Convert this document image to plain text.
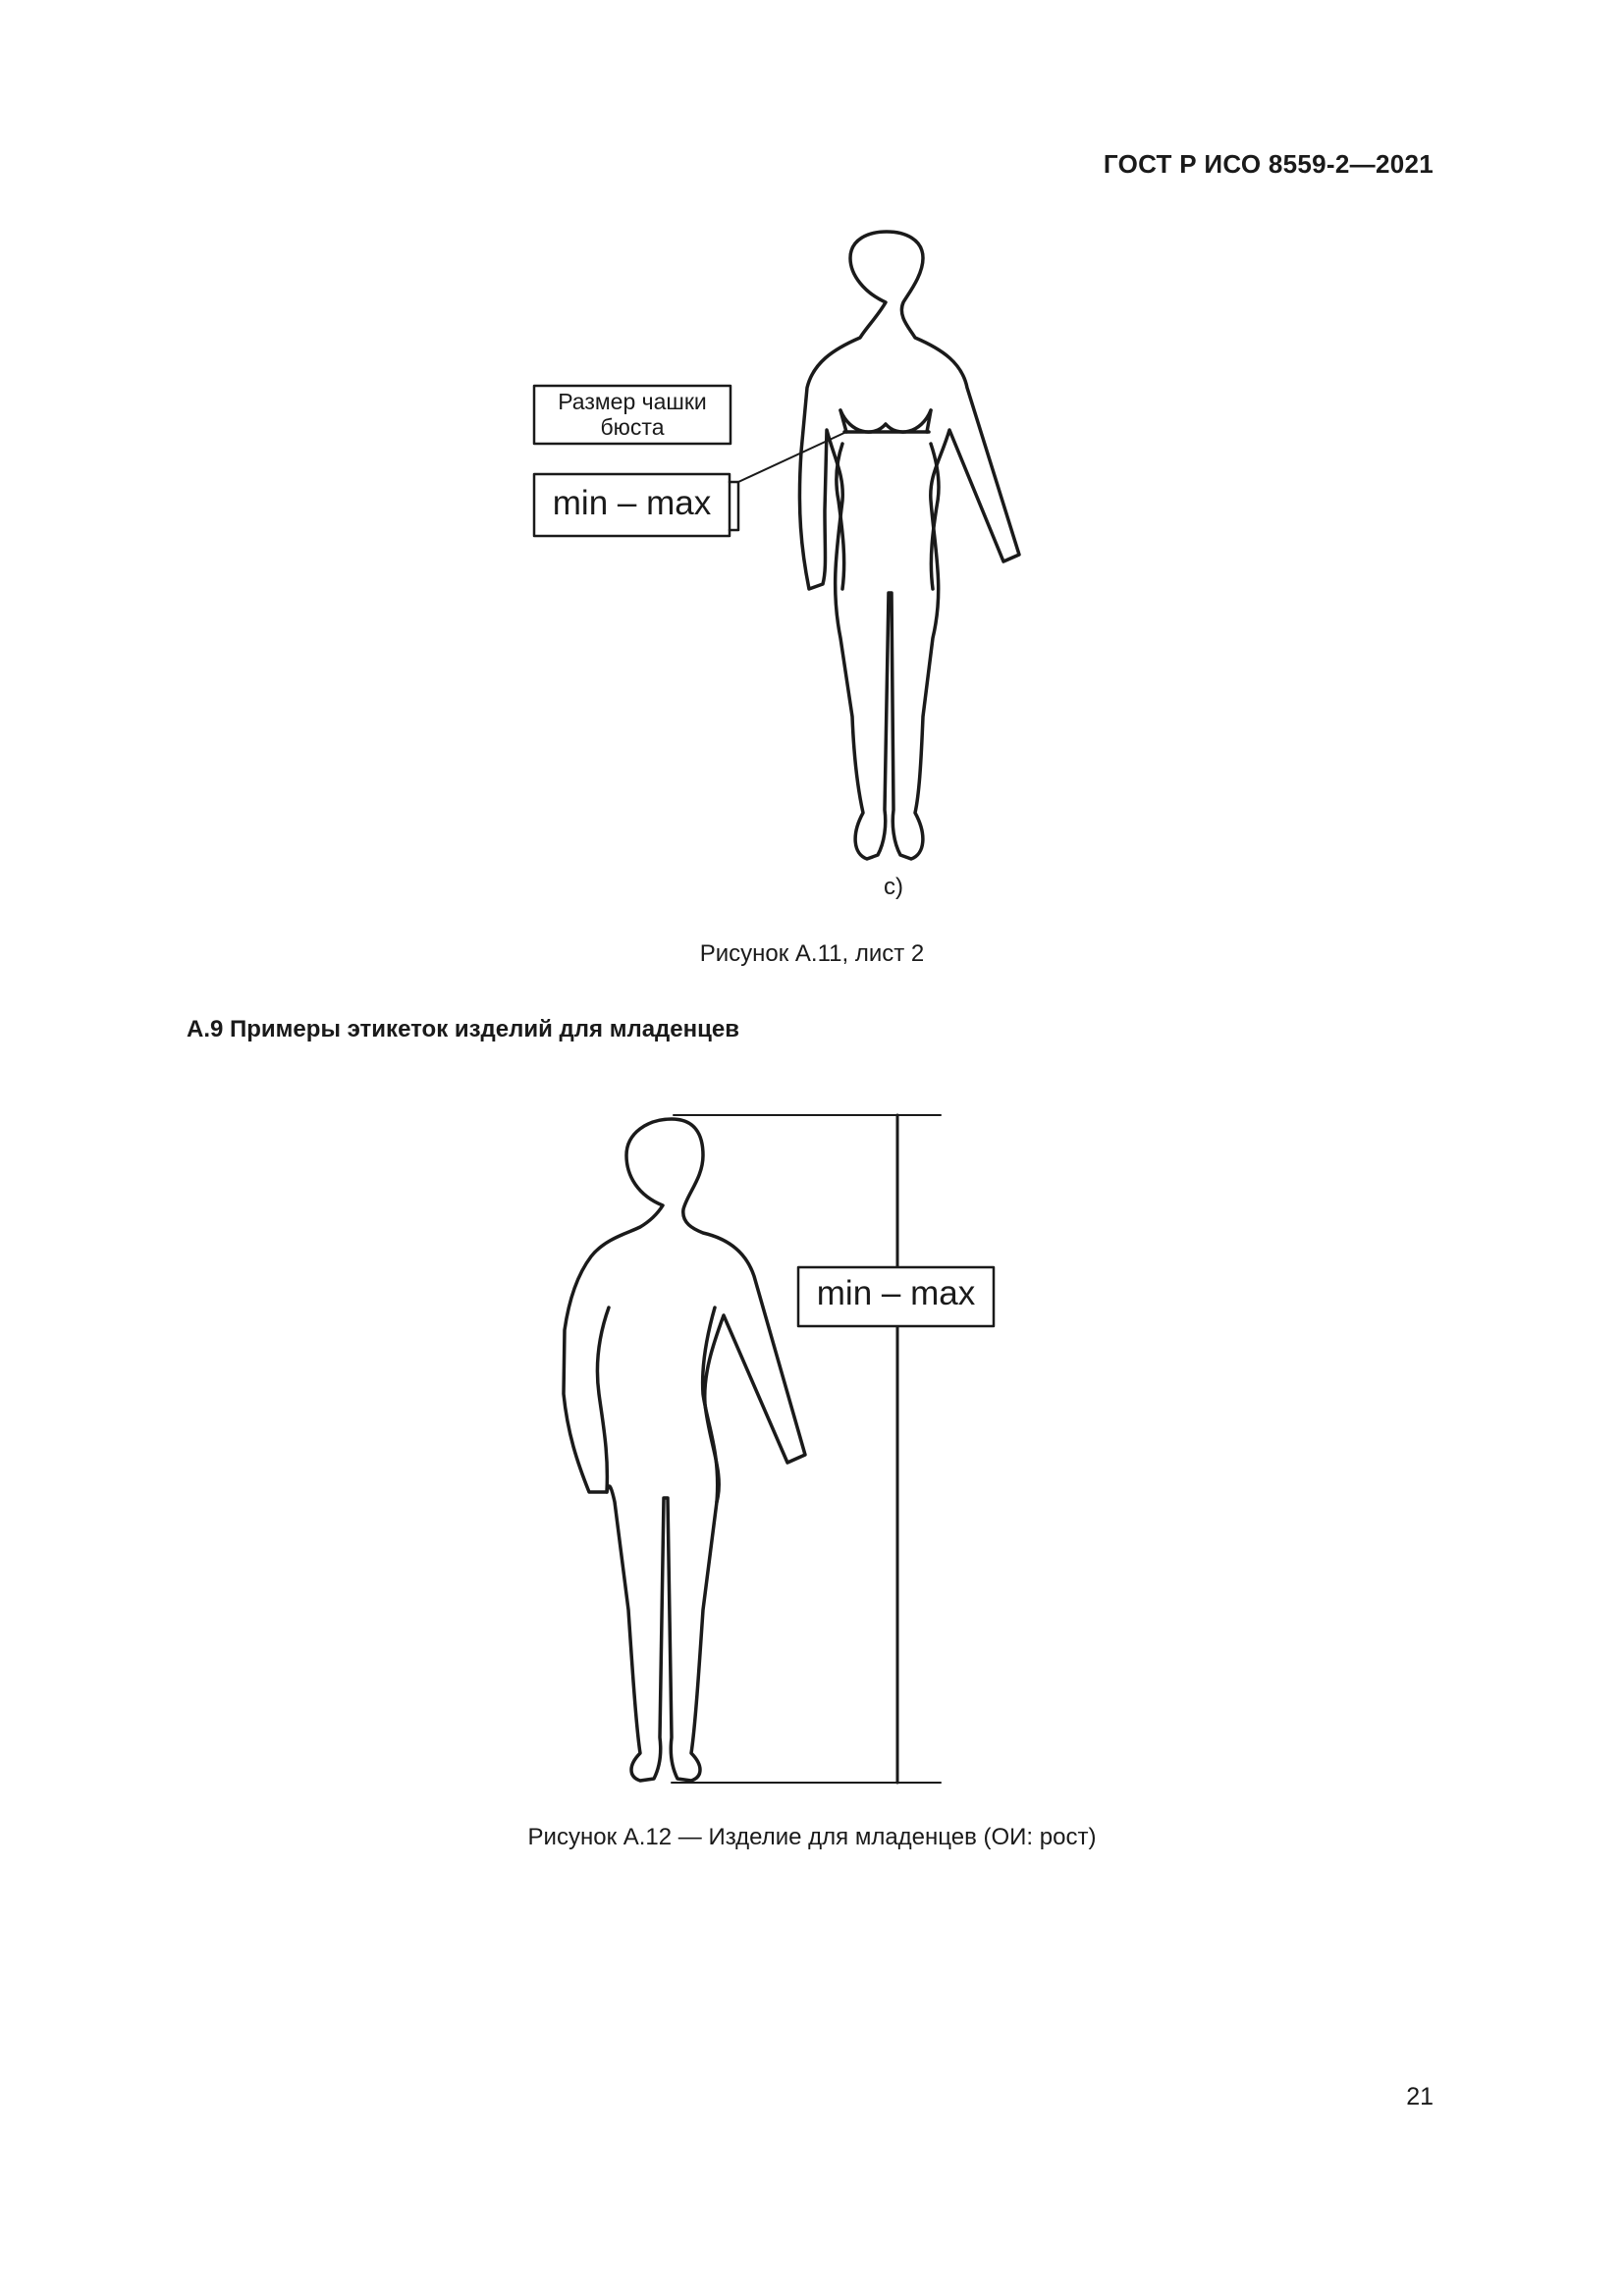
ГОСТ Р ИСО 8559-2—2021
Размер чашки
бюста
min – max
c)
Рисунок А.11, лист 2
А.9 Примеры этикеток изделий для младенцев
min – max
Рисунок А.12 — Изделие для младенцев (ОИ: рост)
21
